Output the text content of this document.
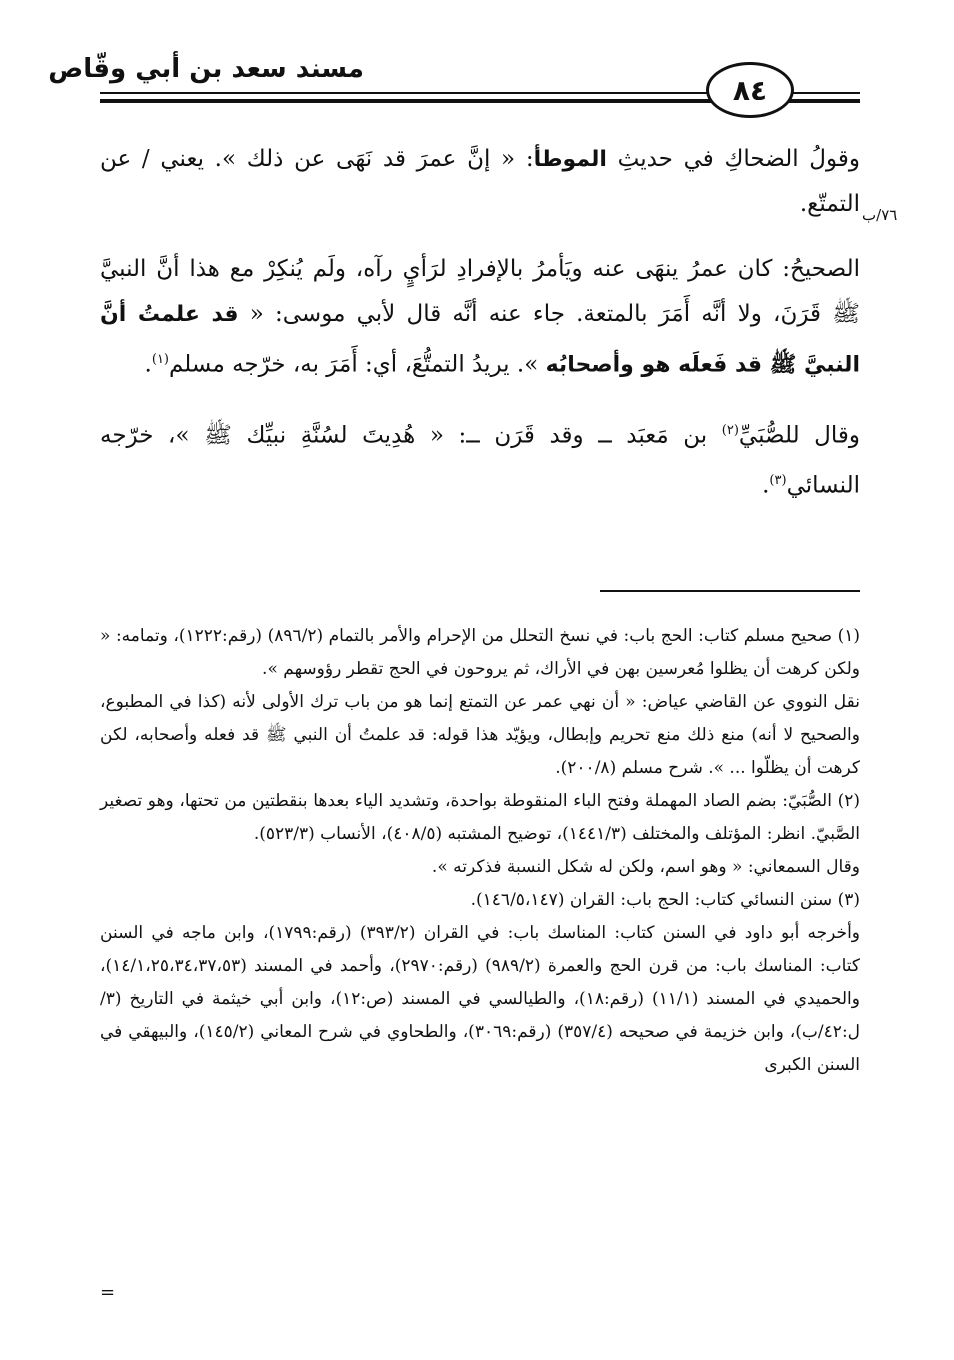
مسند سعد بن أبي وقّاص
٨٤
٧٦/ب

وقولُ الضحاكِ في حديثِ الموطأ: « إنَّ عمرَ قد نَهَى عن ذلك ». يعني / عن التمتّع.

الصحيحُ: كان عمرُ ينهَى عنه ويَأمرُ بالإفرادِ لرَأيٍ رآه، ولَم يُنكِرْ مع هذا أنَّ النبيَّ ﷺ قَرَنَ، ولا أنَّه أَمَرَ بالمتعة. جاء عنه أنَّه قال لأبي موسى: « قد علمتُ أنَّ النبيَّ ﷺ قد فَعلَه هو وأصحابُه ». يريدُ التمتُّعَ، أي: أَمَرَ به، خرّجه مسلم$^{(١)}$.

وقال للصُّبَيِّ$^{(٢)}$ بن مَعبَد ــ وقد قَرَن ــ: « هُدِيتَ لسُنَّةِ نبيِّك ﷺ »، خرّجه النسائي$^{(٣)}$.

(١) صحيح مسلم كتاب: الحج باب: في نسخ التحلل من الإحرام والأمر بالتمام (٨٩٦/٢) (رقم:١٢٢٢)، وتمامه: « ولكن كرهت أن يظلوا مُعرسين بهن في الأراك، ثم يروحون في الحج تقطر رؤوسهم ».

نقل النووي عن القاضي عياض: « أن نهي عمر عن التمتع إنما هو من باب ترك الأولى لأنه (كذا في المطبوع، والصحيح لا أنه) منع ذلك منع تحريم وإبطال، ويؤيّد هذا قوله: قد علمتُ أن النبي ﷺ قد فعله وأصحابه، لكن كرهت أن يظلّوا ... ». شرح مسلم (٢٠٠/٨).

(٢) الصُّبَيّ: بضم الصاد المهملة وفتح الباء المنقوطة بواحدة، وتشديد الياء بعدها بنقطتين من تحتها، وهو تصغير الصَّبيّ. انظر: المؤتلف والمختلف (١٤٤١/٣)، توضيح المشتبه (٤٠٨/٥)، الأنساب (٥٢٣/٣).

وقال السمعاني: « وهو اسم، ولكن له شكل النسبة فذكرته ».

(٣) سنن النسائي كتاب: الحج باب: القران (١٤٦/٥،١٤٧).

وأخرجه أبو داود في السنن كتاب: المناسك باب: في القران (٣٩٣/٢) (رقم:١٧٩٩)، وابن ماجه في السنن كتاب: المناسك باب: من قرن الحج والعمرة (٩٨٩/٢) (رقم:٢٩٧٠)، وأحمد في المسند (١٤/١،٢٥،٣٤،٣٧،٥٣)، والحميدي في المسند (١١/١) (رقم:١٨)، والطيالسي في المسند (ص:١٢)، وابن أبي خيثمة في التاريخ (٣/ل:٤٢/ب)، وابن خزيمة في صحيحه (٣٥٧/٤) (رقم:٣٠٦٩)، والطحاوي في شرح المعاني (١٤٥/٢)، والبيهقي في السنن الكبرى

=
